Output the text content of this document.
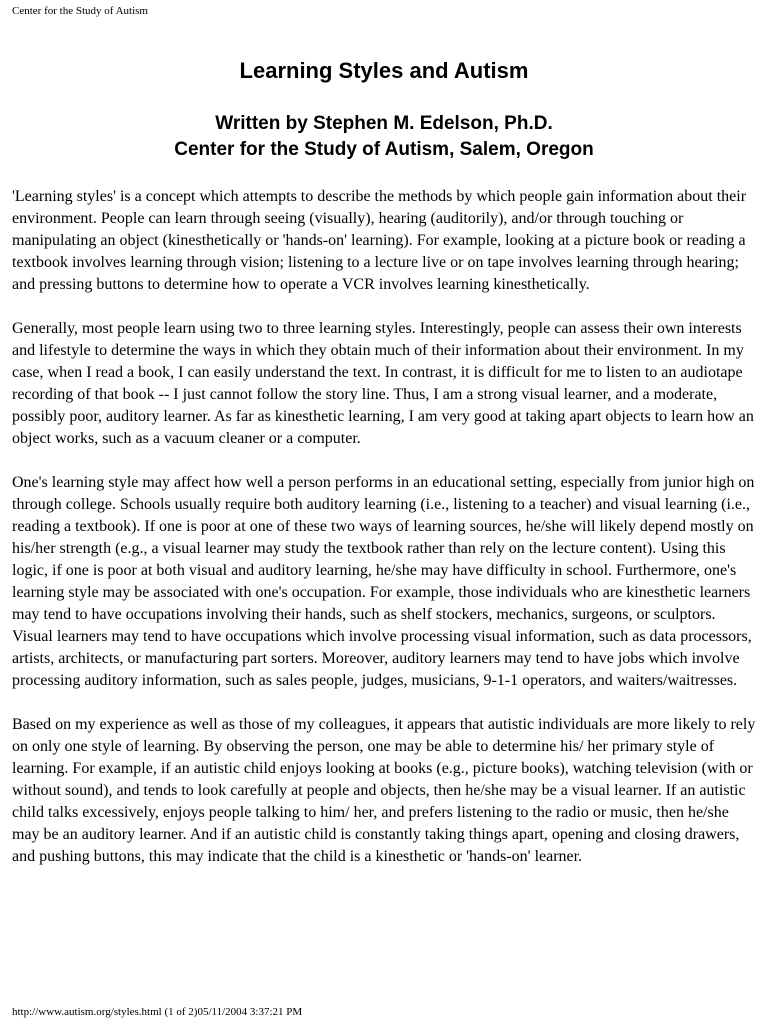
Center for the Study of Autism
Learning Styles and Autism
Written by Stephen M. Edelson, Ph.D.
Center for the Study of Autism, Salem, Oregon

'Learning styles' is a concept which attempts to describe the methods by which people gain information about their environment. People can learn through seeing (visually), hearing (auditorily), and/or through touching or manipulating an object (kinesthetically or 'hands-on' learning). For example, looking at a picture book or reading a textbook involves learning through vision; listening to a lecture live or on tape involves learning through hearing; and pressing buttons to determine how to operate a VCR involves learning kinesthetically.

Generally, most people learn using two to three learning styles. Interestingly, people can assess their own interests and lifestyle to determine the ways in which they obtain much of their information about their environment. In my case, when I read a book, I can easily understand the text. In contrast, it is difficult for me to listen to an audiotape recording of that book -- I just cannot follow the story line. Thus, I am a strong visual learner, and a moderate, possibly poor, auditory learner. As far as kinesthetic learning, I am very good at taking apart objects to learn how an object works, such as a vacuum cleaner or a computer.

One's learning style may affect how well a person performs in an educational setting, especially from junior high on through college. Schools usually require both auditory learning (i.e., listening to a teacher) and visual learning (i.e., reading a textbook). If one is poor at one of these two ways of learning sources, he/she will likely depend mostly on his/her strength (e.g., a visual learner may study the textbook rather than rely on the lecture content). Using this logic, if one is poor at both visual and auditory learning, he/she may have difficulty in school. Furthermore, one's learning style may be associated with one's occupation. For example, those individuals who are kinesthetic learners may tend to have occupations involving their hands, such as shelf stockers, mechanics, surgeons, or sculptors. Visual learners may tend to have occupations which involve processing visual information, such as data processors, artists, architects, or manufacturing part sorters. Moreover, auditory learners may tend to have jobs which involve processing auditory information, such as sales people, judges, musicians, 9-1-1 operators, and waiters/waitresses.

Based on my experience as well as those of my colleagues, it appears that autistic individuals are more likely to rely on only one style of learning. By observing the person, one may be able to determine his/ her primary style of learning. For example, if an autistic child enjoys looking at books (e.g., picture books), watching television (with or without sound), and tends to look carefully at people and objects, then he/she may be a visual learner. If an autistic child talks excessively, enjoys people talking to him/ her, and prefers listening to the radio or music, then he/she may be an auditory learner. And if an autistic child is constantly taking things apart, opening and closing drawers, and pushing buttons, this may indicate that the child is a kinesthetic or 'hands-on' learner.

http://www.autism.org/styles.html (1 of 2)05/11/2004 3:37:21 PM
